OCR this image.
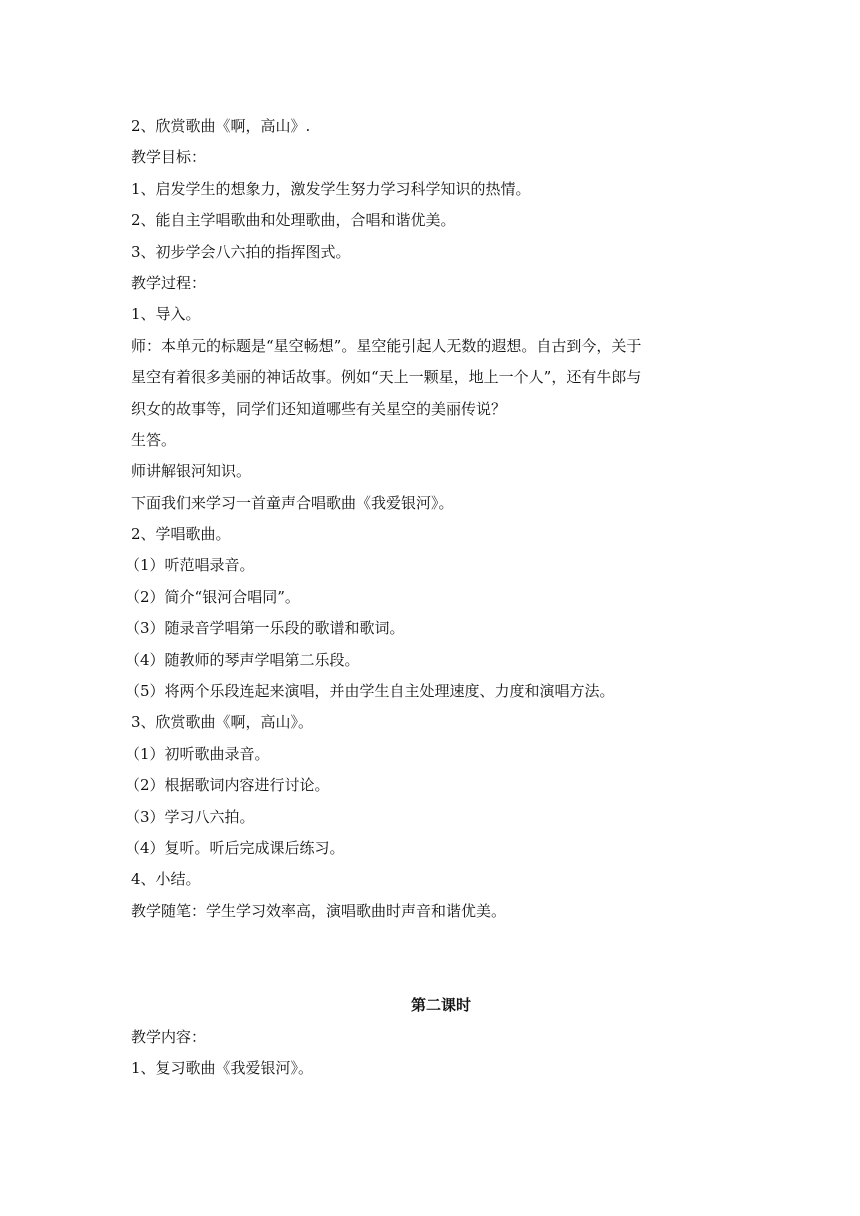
2、欣赏歌曲《啊，高山》.
教学目标：
1、启发学生的想象力，激发学生努力学习科学知识的热情。
2、能自主学唱歌曲和处理歌曲，合唱和谐优美。
3、初步学会八六拍的指挥图式。
教学过程：
1、导入。
师：本单元的标题是“星空畅想”。星空能引起人无数的遐想。自古到今，关于
星空有着很多美丽的神话故事。例如“天上一颗星，地上一个人”，还有牛郎与
织女的故事等，同学们还知道哪些有关星空的美丽传说？
生答。
师讲解银河知识。
下面我们来学习一首童声合唱歌曲《我爱银河》。
2、学唱歌曲。
（1）听范唱录音。
（2）简介“银河合唱同”。
（3）随录音学唱第一乐段的歌谱和歌词。
（4）随教师的琴声学唱第二乐段。
（5）将两个乐段连起来演唱，并由学生自主处理速度、力度和演唱方法。
3、欣赏歌曲《啊，高山》。
（1）初听歌曲录音。
（2）根据歌词内容进行讨论。
（3）学习八六拍。
（4）复听。听后完成课后练习。
4、小结。
教学随笔：学生学习效率高，演唱歌曲时声音和谐优美。
第二课时
教学内容：
1、复习歌曲《我爱银河》。
